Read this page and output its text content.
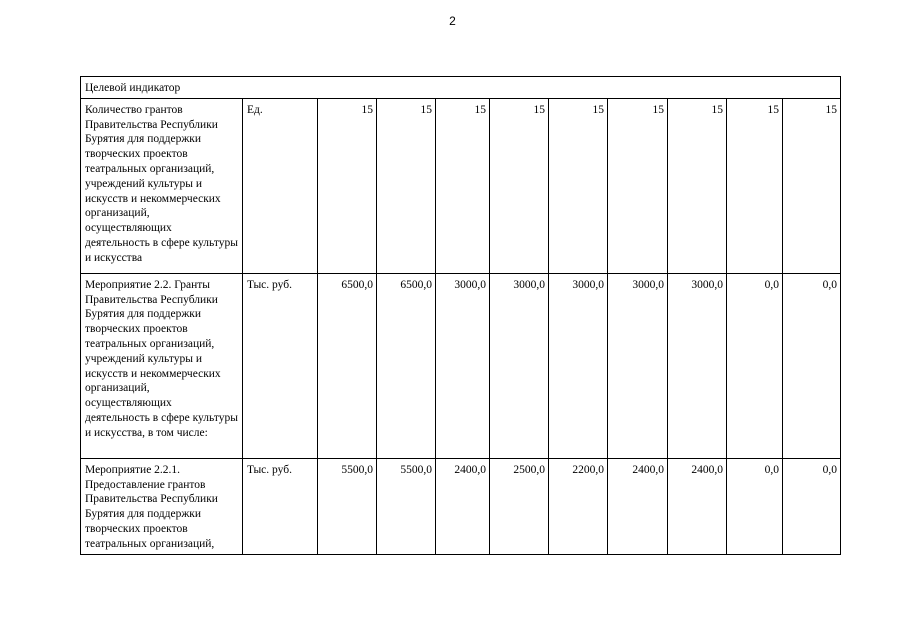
2
Целевой индикатор										
Количество грантов Правительства Республики Бурятия для поддержки творческих проектов театральных организаций, учреждений культуры и искусств и некоммерческих организаций, осуществляющих деятельность в сфере культуры и искусства	Ед.	15	15	15	15	15	15	15	15	15
Мероприятие 2.2. Гранты Правительства Республики Бурятия для поддержки творческих проектов театральных организаций, учреждений культуры и искусств и некоммерческих организаций, осуществляющих деятельность в сфере культуры и искусства, в том числе:	Тыс. руб.	6500,0	6500,0	3000,0	3000,0	3000,0	3000,0	3000,0	0,0	0,0
Мероприятие 2.2.1. Предоставление грантов Правительства Республики Бурятия для поддержки творческих проектов театральных организаций,	Тыс. руб.	5500,0	5500,0	2400,0	2500,0	2200,0	2400,0	2400,0	0,0	0,0
